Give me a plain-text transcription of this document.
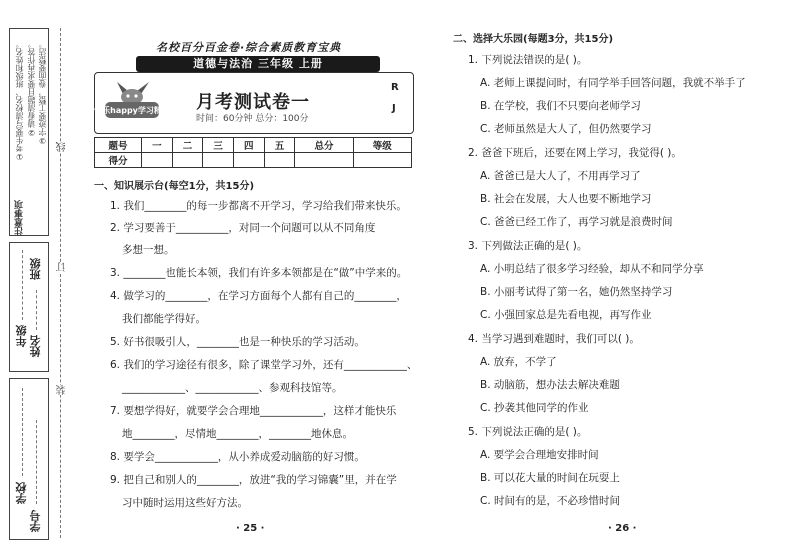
①考生要写清校名、班级和姓名。 ②请看清题目要求再作答。 ③字迹要工整，卷面要整洁。
注意事项
班级
年级 姓名
学校
学号
线
订
装
名校百分百金卷·综合素质教育宝典
道德与法治 三年级 上册
快乐happy学习精灵 月考测试卷一
时间：60分钟 总分：100分
R
J
题号	一	二	三	四	五	总分	等级
得分							
一、知识展示台(每空1分，共15分)
1. 我们________的每一步都离不开学习，学习给我们带来快乐。
2. 学习要善于__________，对同一个问题可以从不同角度
多想一想。
3. ________也能长本领，我们有许多本领都是在“做”中学来的。
4. 做学习的________，在学习方面每个人都有自己的________，
我们都能学得好。
5. 好书很吸引人，________也是一种快乐的学习活动。
6. 我们的学习途径有很多，除了课堂学习外，还有____________、
____________、____________、参观科技馆等。
7. 要想学得好，就要学会合理地____________，这样才能快乐
地________，尽情地________，________地休息。
8. 要学会____________，从小养成爱动脑筋的好习惯。
9. 把自己和别人的________，放进“我的学习锦囊”里，并在学
习中随时运用这些好方法。
· 25 ·
二、选择大乐园(每题3分，共15分)
1. 下列说法错误的是( )。
A. 老师上课提问时，有同学举手回答问题，我就不举手了
B. 在学校，我们不只要向老师学习
C. 老师虽然是大人了，但仍然要学习
2. 爸爸下班后，还要在网上学习，我觉得( )。
A. 爸爸已是大人了，不用再学习了
B. 社会在发展，大人也要不断地学习
C. 爸爸已经工作了，再学习就是浪费时间
3. 下列做法正确的是( )。
A. 小明总结了很多学习经验，却从不和同学分享
B. 小丽考试得了第一名，她仍然坚持学习
C. 小强回家总是先看电视，再写作业
4. 当学习遇到难题时，我们可以( )。
A. 放弃，不学了
B. 动脑筋，想办法去解决难题
C. 抄袭其他同学的作业
5. 下列说法正确的是( )。
A. 要学会合理地安排时间
B. 可以花大量的时间在玩耍上
C. 时间有的是，不必珍惜时间
· 26 ·
